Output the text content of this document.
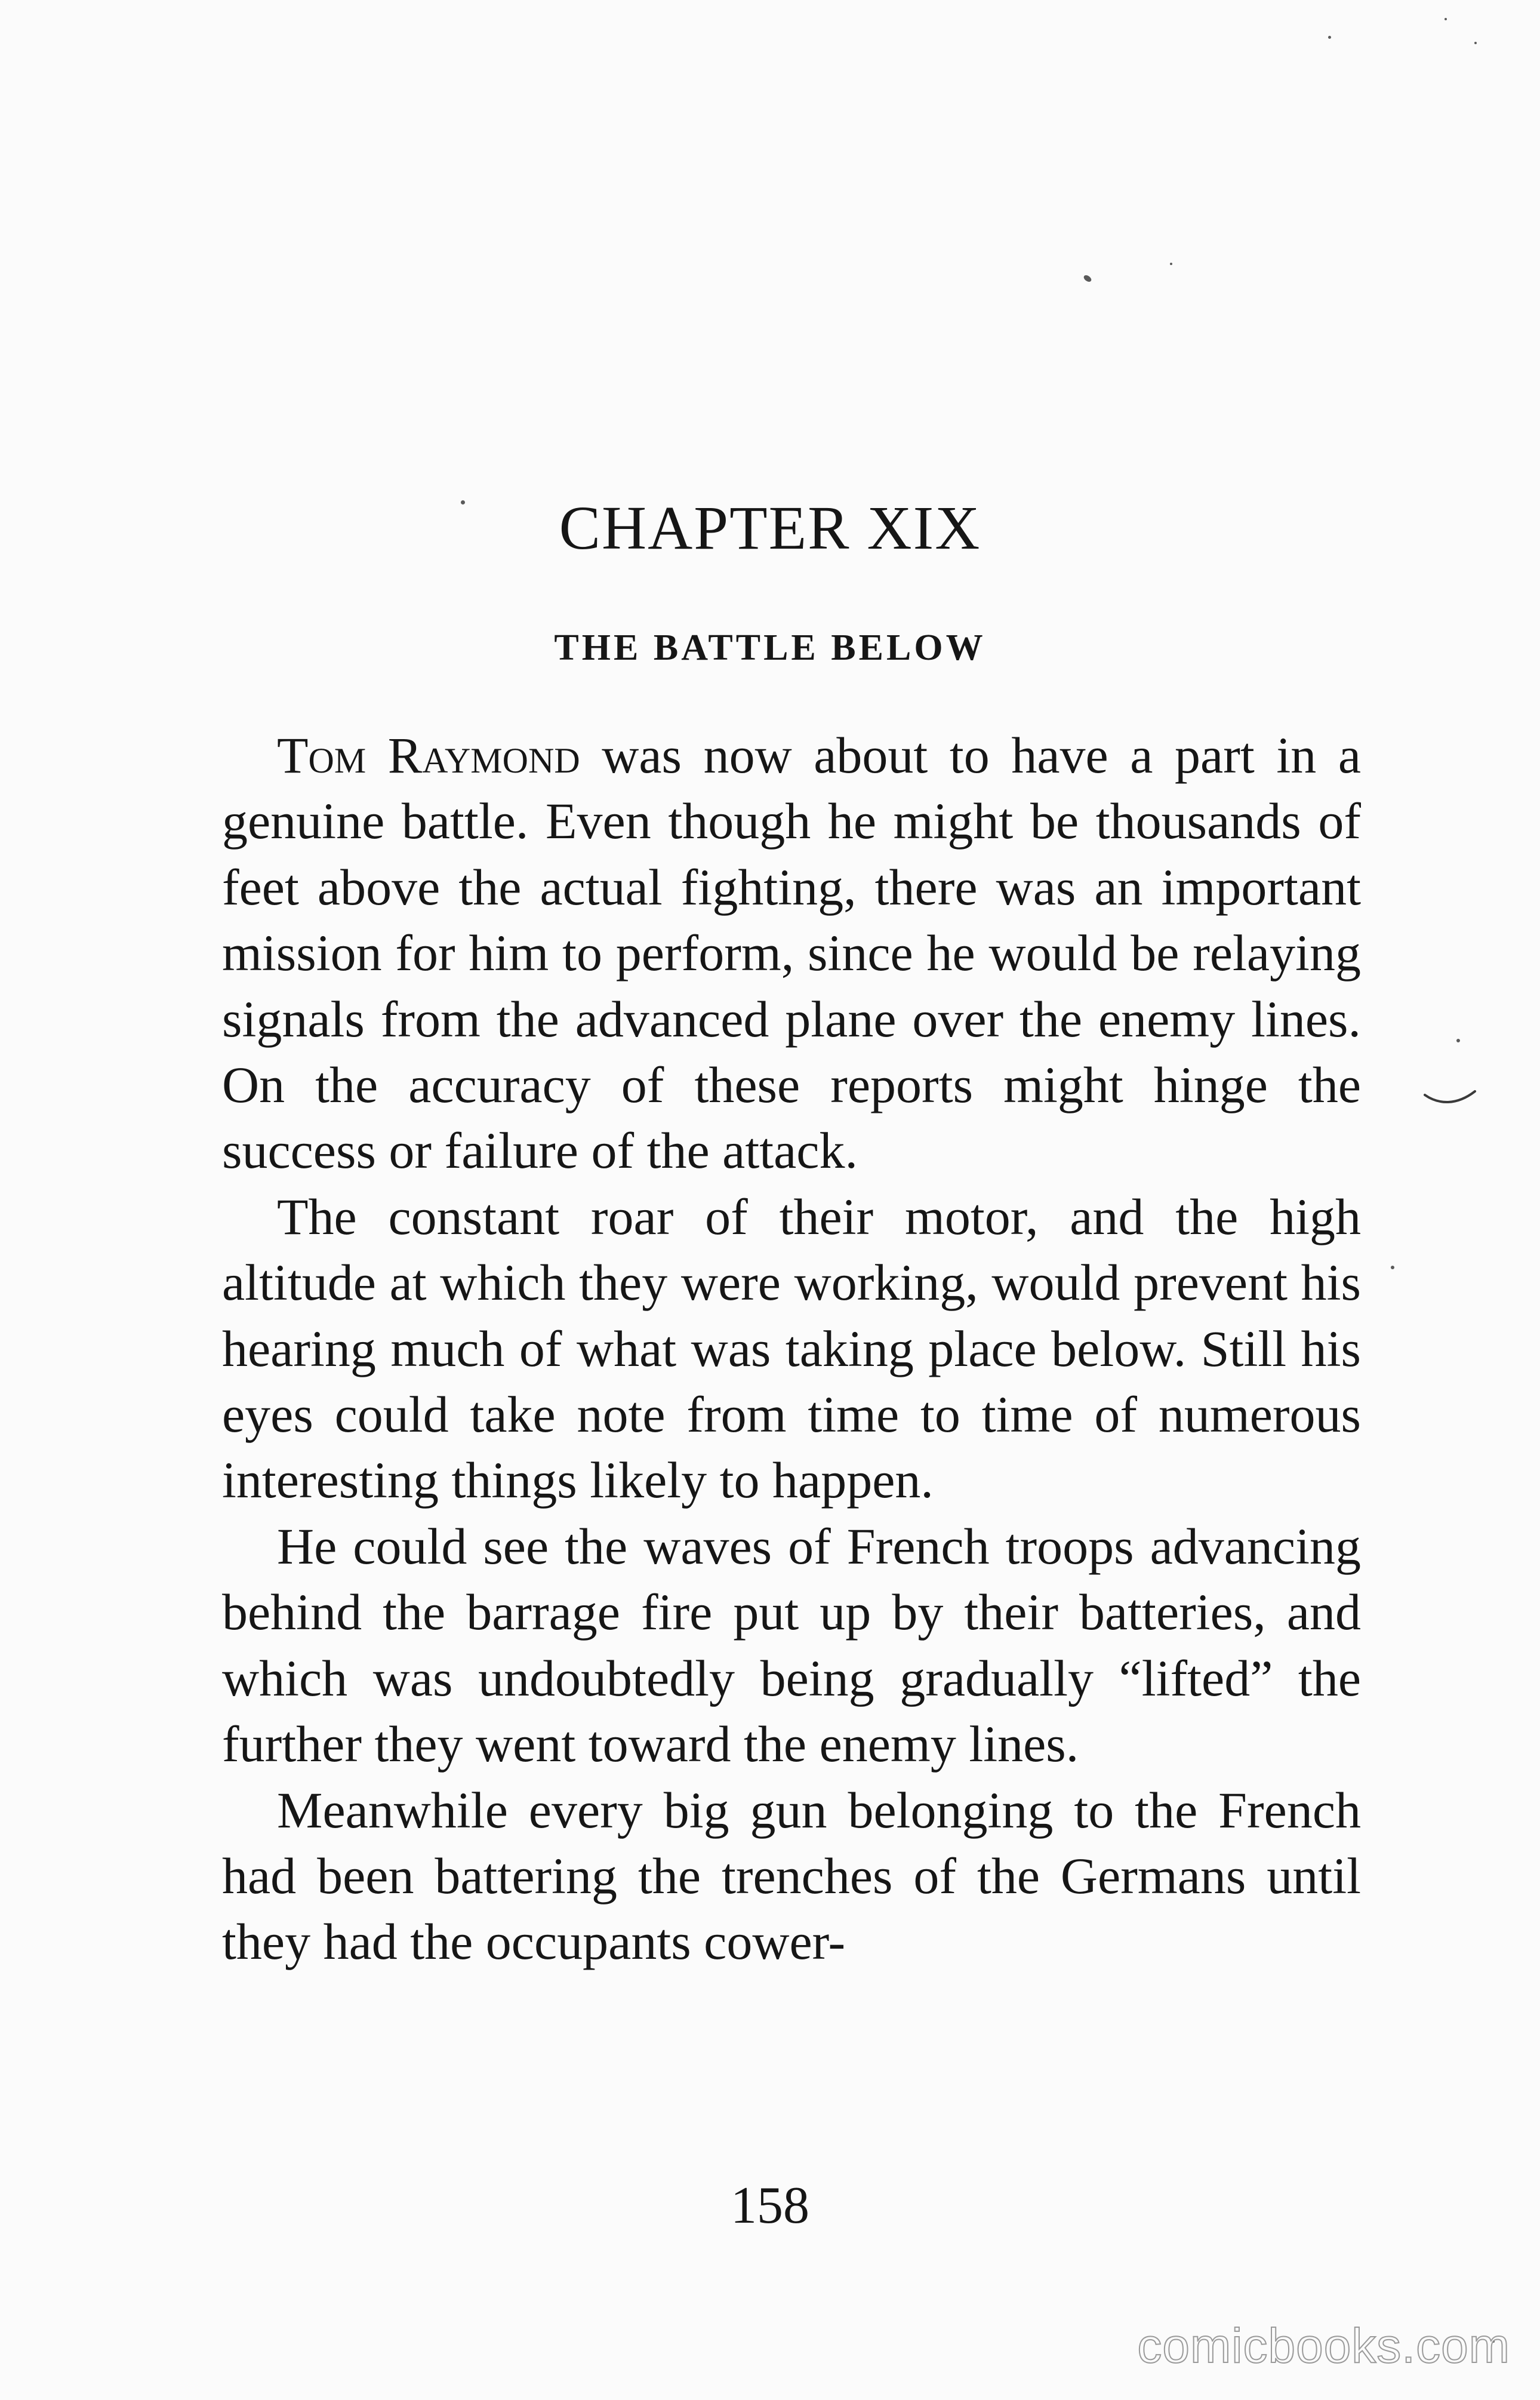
CHAPTER XIX
THE BATTLE BELOW

Tom Raymond was now about to have a part in a genuine battle. Even though he might be thousands of feet above the actual fighting, there was an important mission for him to perform, since he would be relaying signals from the advanced plane over the enemy lines. On the accuracy of these reports might hinge the success or failure of the attack.

The constant roar of their motor, and the high altitude at which they were working, would prevent his hearing much of what was taking place below. Still his eyes could take note from time to time of numerous interesting things likely to happen.

He could see the waves of French troops advancing behind the barrage fire put up by their batteries, and which was undoubtedly being gradually “lifted” the further they went toward the enemy lines.

Meanwhile every big gun belonging to the French had been battering the trenches of the Germans until they had the occupants cower-

158
comicbooks.com
